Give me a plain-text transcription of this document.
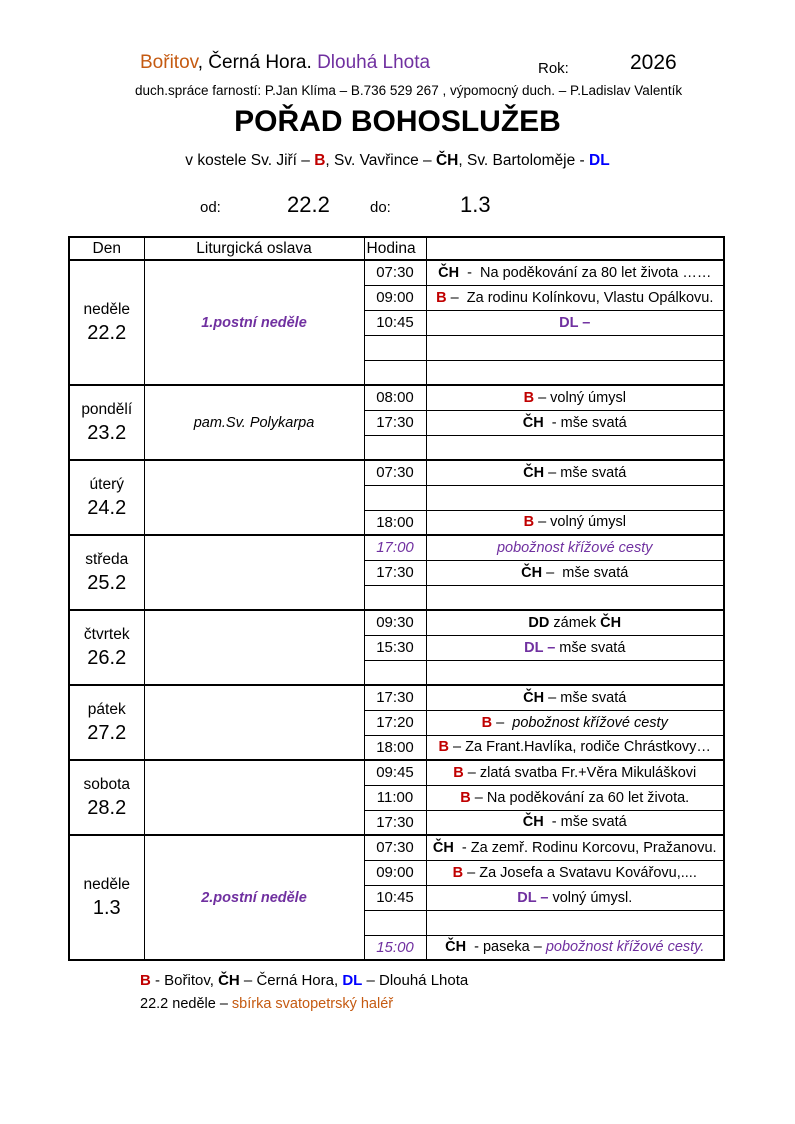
Bořitov, Černá Hora. Dlouhá Lhota	Rok:	2026
duch.spráce farností: P.Jan Klíma – B.736 529 267 , výpomocný duch. – P.Ladislav Valentík
POŘAD BOHOSLUŽEB
v kostele Sv. Jiří – B, Sv. Vavřince – ČH, Sv. Bartoloměje - DL
od:	22.2	do:	1.3
Den	Liturgická oslava	Hodina	

neděle
22.2	1.postní neděle	07:30	ČH  -  Na poděkování za 80 let života ……
		09:00	B –  Za rodinu Kolínkovu, Vlastu Opálkovu.
		10:45	DL –

pondělí
23.2	pam.Sv. Polykarpa	08:00	B – volný úmysl
		17:30	ČH  - mše svatá

úterý
24.2		07:30	ČH – mše svatá

		18:00	B – volný úmysl

středa
25.2		17:00	pobožnost křížové cesty
		17:30	ČH –  mše svatá

čtvrtek
26.2		09:30	DD zámek ČH
		15:30	DL – mše svatá

pátek
27.2		17:30	ČH – mše svatá
		17:20	B –  pobožnost křížové cesty
		18:00	B – Za Frant.Havlíka, rodiče Chrástkovy…

sobota
28.2		09:45	B – zlatá svatba Fr.+Věra Mikuláškovi
		11:00	B – Na poděkování za 60 let života.
		17:30	ČH  - mše svatá

neděle
1.3	2.postní neděle	07:30	ČH  - Za zemř. Rodinu Korcovu, Pražanovu.
		09:00	B – Za Josefa a Svatavu Kovářovu,....
		10:45	DL – volný úmysl.

		15:00	ČH  - paseka – pobožnost křížové cesty.
B - Bořitov, ČH – Černá Hora, DL – Dlouhá Lhota
22.2 neděle – sbírka svatopetrský haléř
